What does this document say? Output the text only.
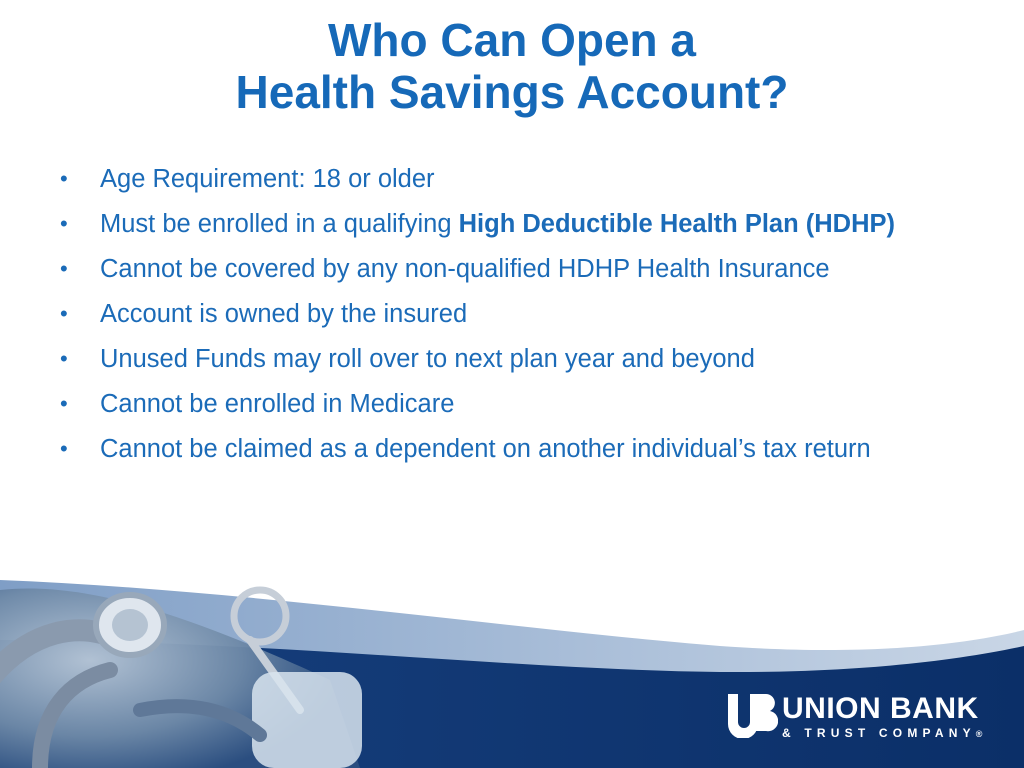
Who Can Open a
Health Savings Account?
• Age Requirement: 18 or older
• Must be enrolled in a qualifying High Deductible Health Plan (HDHP)
• Cannot be covered by any non-qualified HDHP Health Insurance
• Account is owned by the insured
• Unused Funds may roll over to next plan year and beyond
• Cannot be enrolled in Medicare
• Cannot be claimed as a dependent on another individual’s tax return
UNION BANK
& TRUST COMPANY®
